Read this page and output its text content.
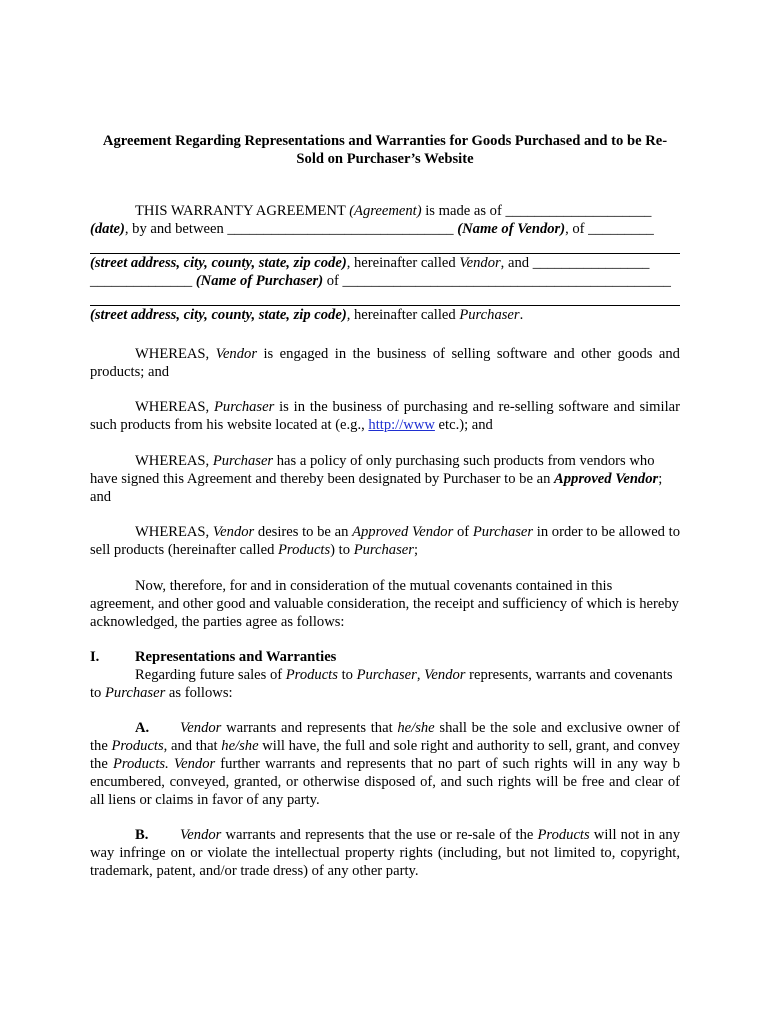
Agreement Regarding Representations and Warranties for Goods Purchased and to be Re-Sold on Purchaser’s Website
THIS WARRANTY AGREEMENT (Agreement) is made as of ____________________
(date), by and between _______________________________ (Name of Vendor), of _________
(street address, city, county, state, zip code), hereinafter called Vendor, and ________________
______________ (Name of Purchaser) of _____________________________________________
(street address, city, county, state, zip code), hereinafter called Purchaser.
WHEREAS, Vendor is engaged in the business of selling software and other goods and products; and
WHEREAS, Purchaser is in the business of purchasing and re-selling software and similar such products from his website located at (e.g., http://www etc.); and
WHEREAS, Purchaser has a policy of only purchasing such products from vendors who have signed this Agreement and thereby been designated by Purchaser to be an Approved Vendor; and
WHEREAS, Vendor desires to be an Approved Vendor of Purchaser in order to be allowed to sell products (hereinafter called Products) to Purchaser;
Now, therefore, for and in consideration of the mutual covenants contained in this agreement, and other good and valuable consideration, the receipt and sufficiency of which is hereby acknowledged, the parties agree as follows:
I. Representations and Warranties
Regarding future sales of Products to Purchaser, Vendor represents, warrants and covenants to Purchaser as follows:
A. Vendor warrants and represents that he/she shall be the sole and exclusive owner of the Products, and that he/she will have, the full and sole right and authority to sell, grant, and convey the Products. Vendor further warrants and represents that no part of such rights will in any way b encumbered, conveyed, granted, or otherwise disposed of, and such rights will be free and clear of all liens or claims in favor of any party.
B. Vendor warrants and represents that the use or re-sale of the Products will not in any way infringe on or violate the intellectual property rights (including, but not limited to, copyright, trademark, patent, and/or trade dress) of any other party.
